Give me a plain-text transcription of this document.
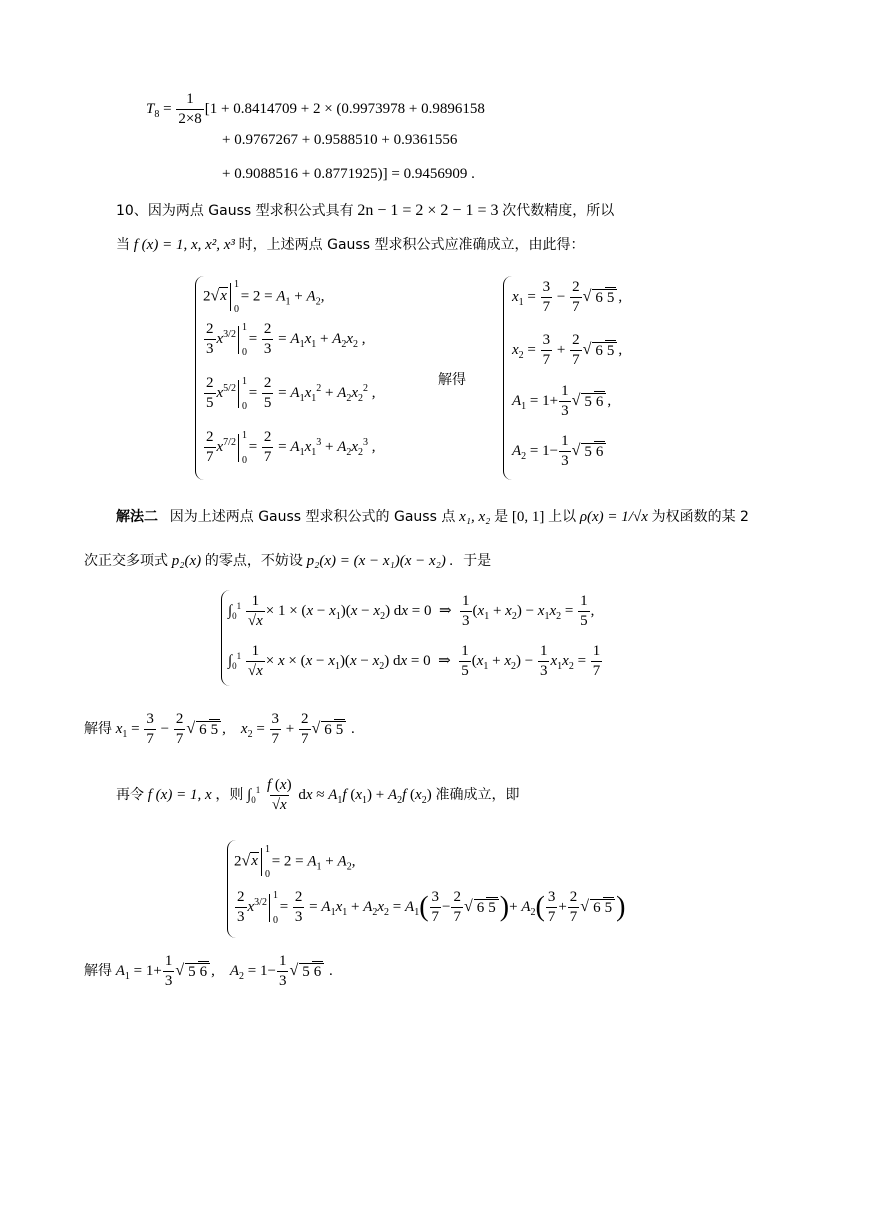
$T_8 = \frac{1}{2\times 8} [1 + 0.8414709 + 2 \times (0.9973978 + 0.9896158$
+ 0.9767267 + 0.9588510 + 0.9361556
+ 0.9088516 + 0.8771925)] = 0.9456909 .
10、因为两点 Gauss 型求积公式具有 2n − 1 = 2 × 2 − 1 = 3 次代数精度，所以
当 f (x) = 1, x, x², x³ 时，上述两点 Gauss 型求积公式应准确成立，由此得：
2√x
1
0
= $2 = A_1 + A_2$,
$\frac{2}{3} x^{3/2}$
1
0
= $\frac{2}{3} = A_1x_1 + A_2x_2$ ,
$\frac{2}{5} x^{5/2}$
1
0
= $\frac{2}{5} = A_1x_1^2 + A_2x_2^2$ ,
$\frac{2}{7} x^{7/2}$
1
0
= $\frac{2}{7} = A_1x_1^3 + A_2x_2^3$ ,
解得
$x_1 = \frac{3}{7} - \frac{2}{7}$ √ 6 5 ,
$x_2 = \frac{3}{7} + \frac{2}{7}$ √ 6 5 ,
$A_1 = 1+ \frac{1}{3}$ √ 5 6 ,
$A_2 = 1- \frac{1}{3}$ √ 5 6
解法二 因为上述两点 Gauss 型求积公式的 Gauss 点 x₁, x₂ 是 [0, 1] 上以 ρ(x) = 1/√x 为权函数的某 2
次正交多项式 p₂(x) 的零点，不妨设 p₂(x) = (x − x₁)(x − x₂) . 于是
$\int_0^1 \frac{1}{√x} \times 1 \times (x - x_1)(x - x_2)$ dx = 0  ⇒ $\frac{1}{3} (x_1 + x_2) - x_1x_2 = \frac{1}{5}$ ,
$\int_0^1 \frac{1}{√x} \times x \times (x - x_1)(x - x_2)$ dx = 0  ⇒ $\frac{1}{5} (x_1 + x_2) - \frac{1}{3} x_1x_2 = \frac{1}{7}$
解得 $x_1 = \frac{3}{7} - \frac{2}{7}$ √ 6 5 ,    $x_2 = \frac{3}{7} + \frac{2}{7}$ √ 6 5 .
再令 f (x) = 1, x ，则 $\int_0^1 \frac{f (x)}{√x}$ dx ≈ $A_1f$ $(x_1) + A_2f$ $(x_2)$ 准确成立，即
2√x
1
0
= $2 = A_1 + A_2$,
$\frac{2}{3} x^{3/2}$
1
0
= $\frac{2}{3} = A_1x_1 + A_2x_2 = A_1( \frac{3}{7} - \frac{2}{7}$ √ 6 5 )+ $A_2( \frac{3}{7} + \frac{2}{7}$ √ 6 5 )
解得 $A_1 = 1+ \frac{1}{3}$ √ 5 6 ,    $A_2 = 1- \frac{1}{3}$ √ 5 6 .
